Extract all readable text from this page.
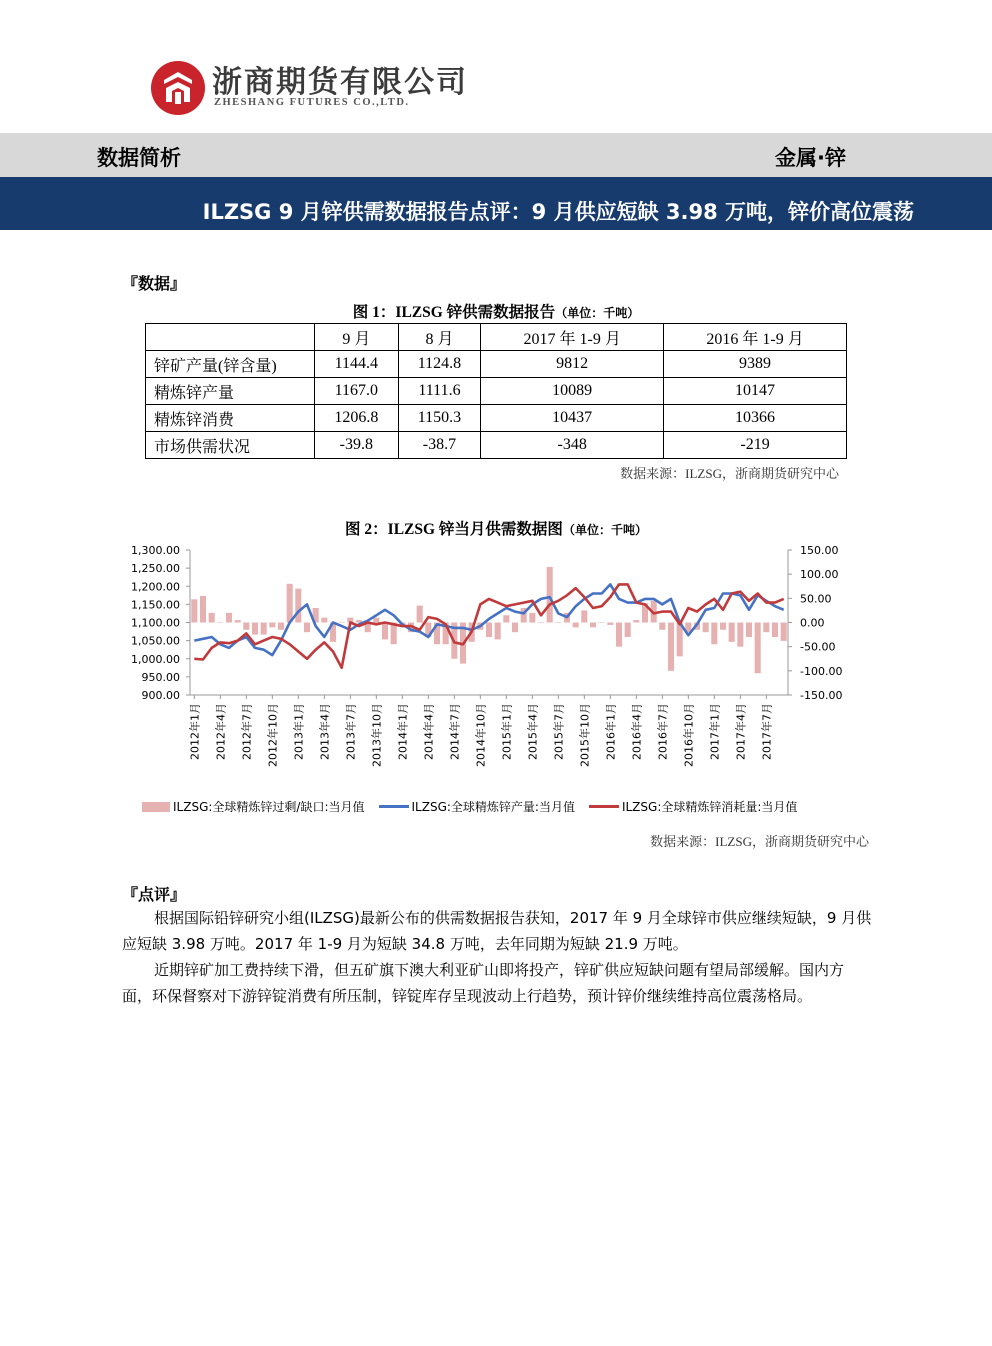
浙商期货有限公司
ZHESHANG FUTURES CO.,LTD.
数据简析	金属·锌
ILZSG 9 月锌供需数据报告点评：9 月供应短缺 3.98 万吨，锌价高位震荡
『数据』
图 1：ILZSG 锌供需数据报告（单位：千吨）
	9 月	8 月	2017 年 1-9 月	2016 年 1-9 月
锌矿产量(锌含量)	1144.4	1124.8	9812	9389
精炼锌产量	1167.0	1111.6	10089	10147
精炼锌消费	1206.8	1150.3	10437	10366
市场供需状况	-39.8	-38.7	-348	-219
数据来源：ILZSG，浙商期货研究中心
图 2：ILZSG 锌当月供需数据图（单位：千吨）
1,300.00
1,250.00
1,200.00
1,150.00
1,100.00
1,050.00
1,000.00
950.00
900.00
150.00
100.00
50.00
0.00
-50.00
-100.00
-150.00
2012年1月 2012年4月 2012年7月 2012年10月 2013年1月 2013年4月 2013年7月 2013年10月 2014年1月 2014年4月 2014年7月 2014年10月 2015年1月 2015年4月 2015年7月 2015年10月 2016年1月 2016年4月 2016年7月 2016年10月 2017年1月 2017年4月 2017年7月
ILZSG:全球精炼锌过剩/缺口:当月值	ILZSG:全球精炼锌产量:当月值	ILZSG:全球精炼锌消耗量:当月值
数据来源：ILZSG，浙商期货研究中心
『点评』
根据国际铅锌研究小组(ILZSG)最新公布的供需数据报告获知，2017 年 9 月全球锌市供应继续短缺，9 月供应短缺 3.98 万吨。2017 年 1-9 月为短缺 34.8 万吨，去年同期为短缺 21.9 万吨。
近期锌矿加工费持续下滑，但五矿旗下澳大利亚矿山即将投产，锌矿供应短缺问题有望局部缓解。国内方面，环保督察对下游锌锭消费有所压制，锌锭库存呈现波动上行趋势，预计锌价继续维持高位震荡格局。
